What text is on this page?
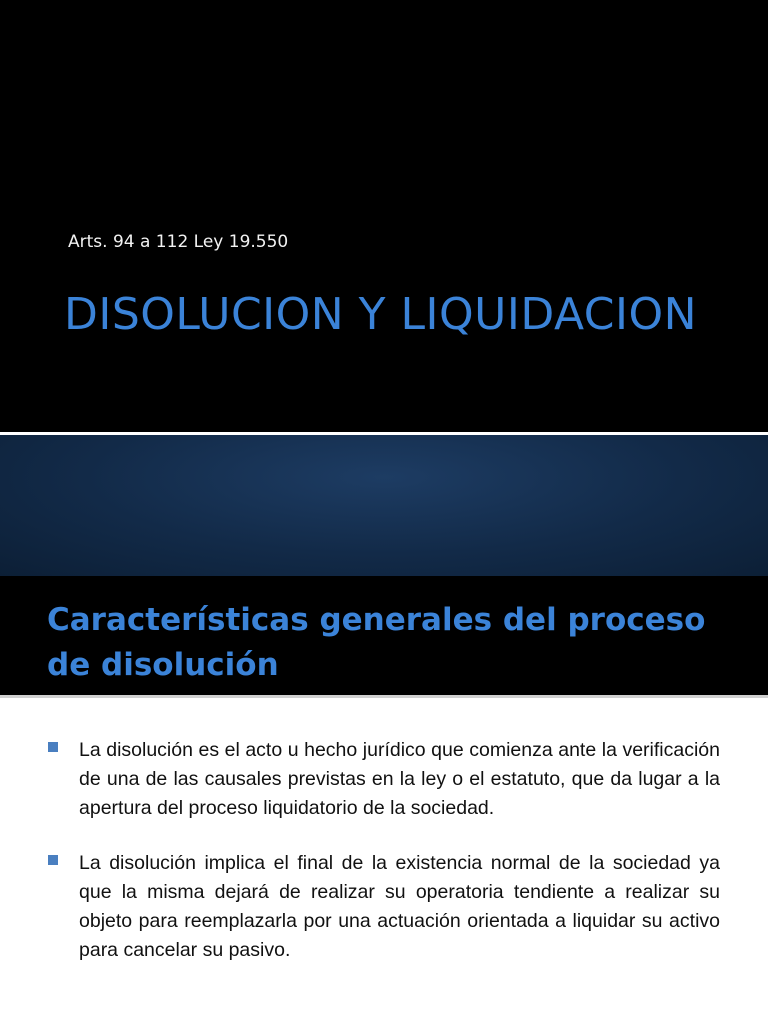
Arts. 94 a 112 Ley 19.550
DISOLUCION Y LIQUIDACION
Características generales del proceso de disolución
La disolución es el acto u hecho jurídico que comienza ante la verificación de una de las causales previstas en la ley o el estatuto, que da lugar a la apertura del proceso liquidatorio de la sociedad.
La disolución implica el final de la existencia normal de la sociedad ya que la misma dejará de realizar su operatoria tendiente a realizar su objeto para reemplazarla por una actuación orientada a liquidar su activo para cancelar su pasivo.
